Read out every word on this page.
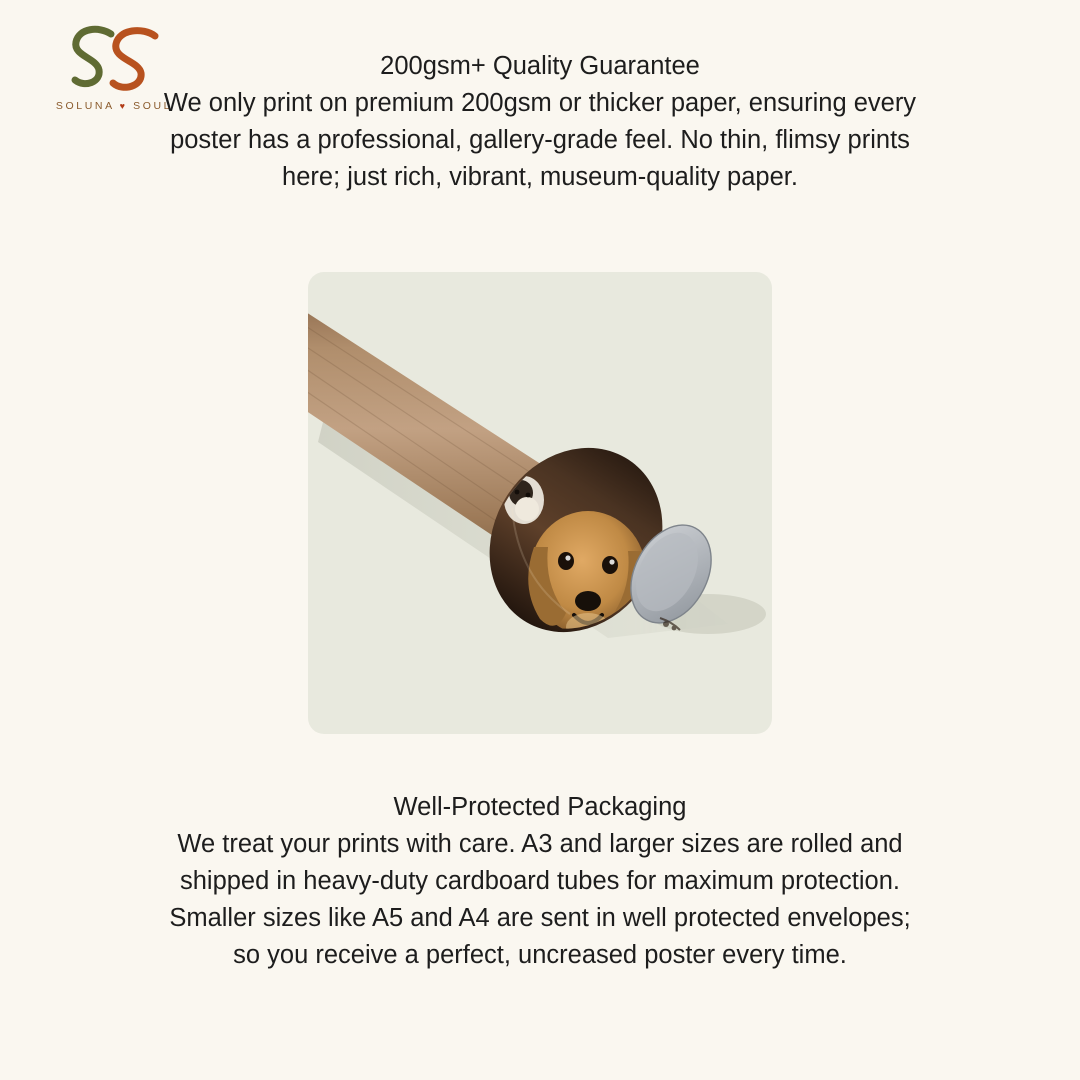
SOLUNA ♥ SOUL

200gsm+ Quality Guarantee

We only print on premium 200gsm or thicker paper, ensuring every poster has a professional, gallery-grade feel. No thin, flimsy prints here; just rich, vibrant, museum-quality paper.

Well-Protected Packaging

We treat your prints with care. A3 and larger sizes are rolled and shipped in heavy-duty cardboard tubes for maximum protection. Smaller sizes like A5 and A4 are sent in well protected envelopes; so you receive a perfect, uncreased poster every time.
